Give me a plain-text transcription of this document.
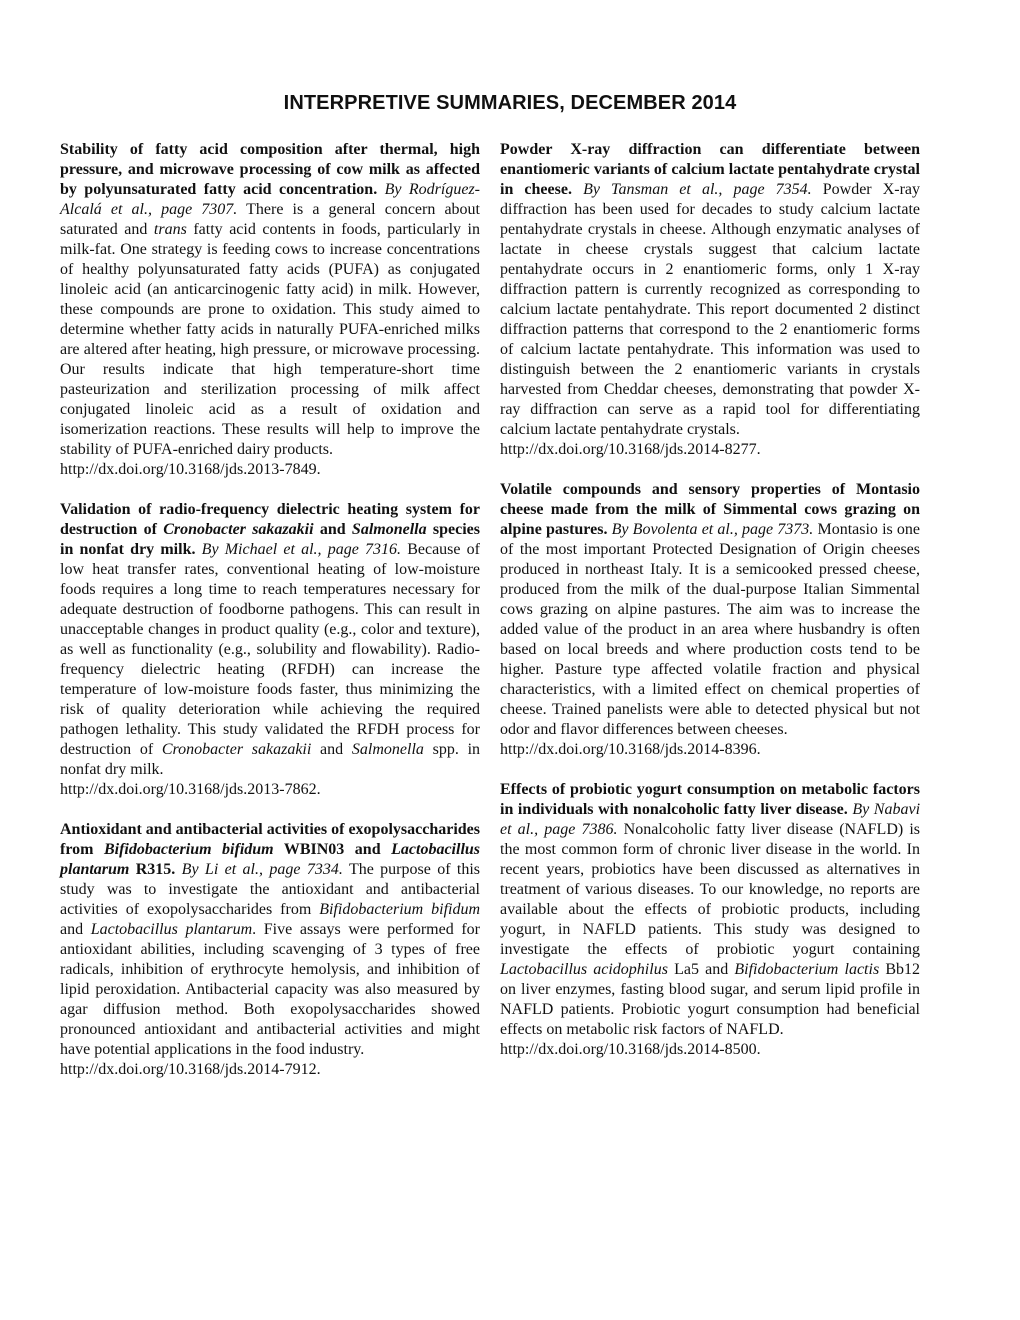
INTERPRETIVE SUMMARIES, DECEMBER 2014

Stability of fatty acid composition after thermal, high pressure, and microwave processing of cow milk as affected by polyunsaturated fatty acid concentration. By Rodríguez-Alcalá et al., page 7307. There is a general concern about saturated and trans fatty acid contents in foods, particularly in milk-fat. One strategy is feeding cows to increase concentrations of healthy polyunsaturated fatty acids (PUFA) as conjugated linoleic acid (an anticarcinogenic fatty acid) in milk. However, these compounds are prone to oxidation. This study aimed to determine whether fatty acids in naturally PUFA-enriched milks are altered after heating, high pressure, or microwave processing. Our results indicate that high temperature-short time pasteurization and sterilization processing of milk affect conjugated linoleic acid as a result of oxidation and isomerization reactions. These results will help to improve the stability of PUFA-enriched dairy products.
http://dx.doi.org/10.3168/jds.2013-7849.

Validation of radio-frequency dielectric heating system for destruction of Cronobacter sakazakii and Salmonella species in nonfat dry milk. By Michael et al., page 7316. Because of low heat transfer rates, conventional heating of low-moisture foods requires a long time to reach temperatures necessary for adequate destruction of foodborne pathogens. This can result in unacceptable changes in product quality (e.g., color and texture), as well as functionality (e.g., solubility and flowability). Radio-frequency dielectric heating (RFDH) can increase the temperature of low-moisture foods faster, thus minimizing the risk of quality deterioration while achieving the required pathogen lethality. This study validated the RFDH process for destruction of Cronobacter sakazakii and Salmonella spp. in nonfat dry milk.
http://dx.doi.org/10.3168/jds.2013-7862.

Antioxidant and antibacterial activities of exopolysaccharides from Bifidobacterium bifidum WBIN03 and Lactobacillus plantarum R315. By Li et al., page 7334. The purpose of this study was to investigate the antioxidant and antibacterial activities of exopolysaccharides from Bifidobacterium bifidum and Lactobacillus plantarum. Five assays were performed for antioxidant abilities, including scavenging of 3 types of free radicals, inhibition of erythrocyte hemolysis, and inhibition of lipid peroxidation. Antibacterial capacity was also measured by agar diffusion method. Both exopolysaccharides showed pronounced antioxidant and antibacterial activities and might have potential applications in the food industry.
http://dx.doi.org/10.3168/jds.2014-7912.

Powder X-ray diffraction can differentiate between enantiomeric variants of calcium lactate pentahydrate crystal in cheese. By Tansman et al., page 7354. Powder X-ray diffraction has been used for decades to study calcium lactate pentahydrate crystals in cheese. Although enzymatic analyses of lactate in cheese crystals suggest that calcium lactate pentahydrate occurs in 2 enantiomeric forms, only 1 X-ray diffraction pattern is currently recognized as corresponding to calcium lactate pentahydrate. This report documented 2 distinct diffraction patterns that correspond to the 2 enantiomeric forms of calcium lactate pentahydrate. This information was used to distinguish between the 2 enantiomeric variants in crystals harvested from Cheddar cheeses, demonstrating that powder X-ray diffraction can serve as a rapid tool for differentiating calcium lactate pentahydrate crystals.
http://dx.doi.org/10.3168/jds.2014-8277.

Volatile compounds and sensory properties of Montasio cheese made from the milk of Simmental cows grazing on alpine pastures. By Bovolenta et al., page 7373. Montasio is one of the most important Protected Designation of Origin cheeses produced in northeast Italy. It is a semicooked pressed cheese, produced from the milk of the dual-purpose Italian Simmental cows grazing on alpine pastures. The aim was to increase the added value of the product in an area where husbandry is often based on local breeds and where production costs tend to be higher. Pasture type affected volatile fraction and physical characteristics, with a limited effect on chemical properties of cheese. Trained panelists were able to detected physical but not odor and flavor differences between cheeses.
http://dx.doi.org/10.3168/jds.2014-8396.

Effects of probiotic yogurt consumption on metabolic factors in individuals with nonalcoholic fatty liver disease. By Nabavi et al., page 7386. Nonalcoholic fatty liver disease (NAFLD) is the most common form of chronic liver disease in the world. In recent years, probiotics have been discussed as alternatives in treatment of various diseases. To our knowledge, no reports are available about the effects of probiotic products, including yogurt, in NAFLD patients. This study was designed to investigate the effects of probiotic yogurt containing Lactobacillus acidophilus La5 and Bifidobacterium lactis Bb12 on liver enzymes, fasting blood sugar, and serum lipid profile in NAFLD patients. Probiotic yogurt consumption had beneficial effects on metabolic risk factors of NAFLD.
http://dx.doi.org/10.3168/jds.2014-8500.
